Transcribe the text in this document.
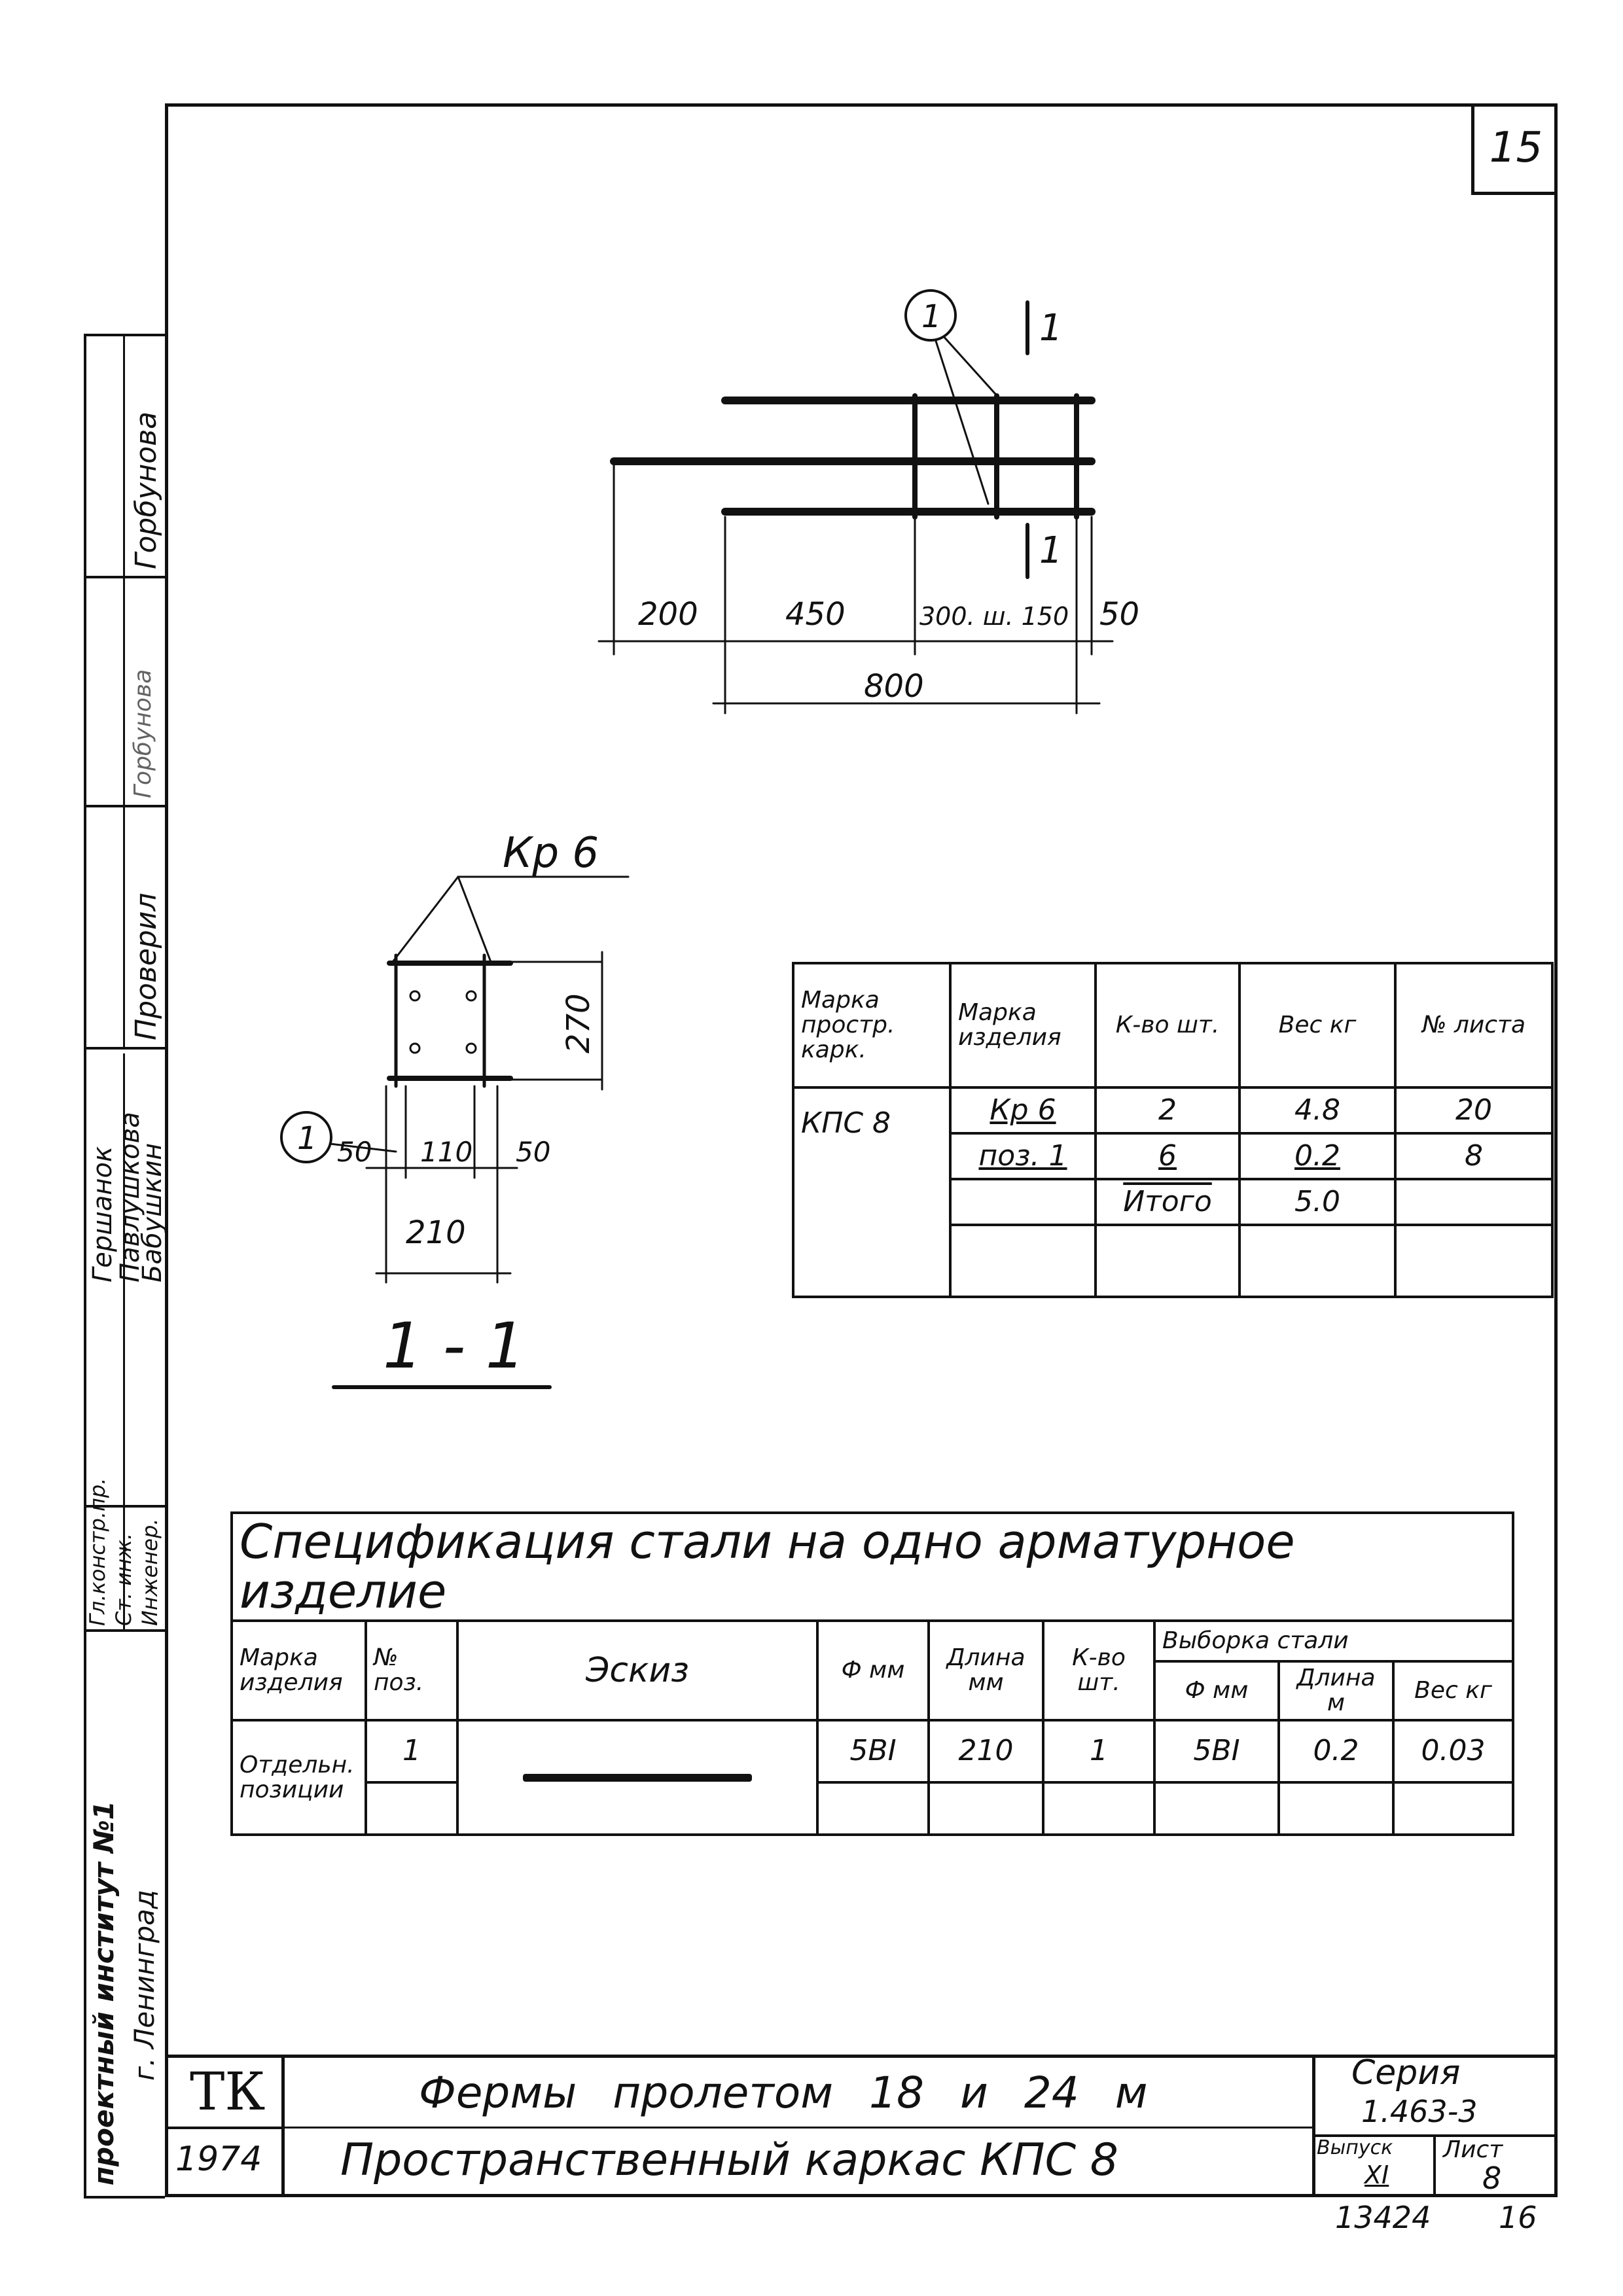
15
Горбунова
Горбунова
Проверил
Гершанок
Павлушкова
Бабушкин
Гл.констр.пр. Ст. инж. Инженер.
проектный институт №1 г. Ленинград
1	1
1
200	450	300. ш. 150 50
800
Кр 6
270
1 50 110 50
210
1 - 1
Марка простр. карк.	Марка изделия	К-во шт.	Вес кг	№ листа
КПС 8	Кр 6	2	4.8	20
	поз. 1	6	0.2	8
		Итого	5.0	

Спецификация стали на одно арматурное изделие								
Марка изделия	№ поз.	Эскиз	Ф мм	Длина мм	К-во шт.	Выборка стали		
						Ф мм	Длина м	Вес кг
Отдельн. позиции	1		5BI	210	1	5BI	0.2	0.03

ТК
1974
Фермы пролетом 18 и 24 м
Пространственный каркас КПС 8
Серия
1.463-3
Выпуск
XI
Лист
8
13424 16
